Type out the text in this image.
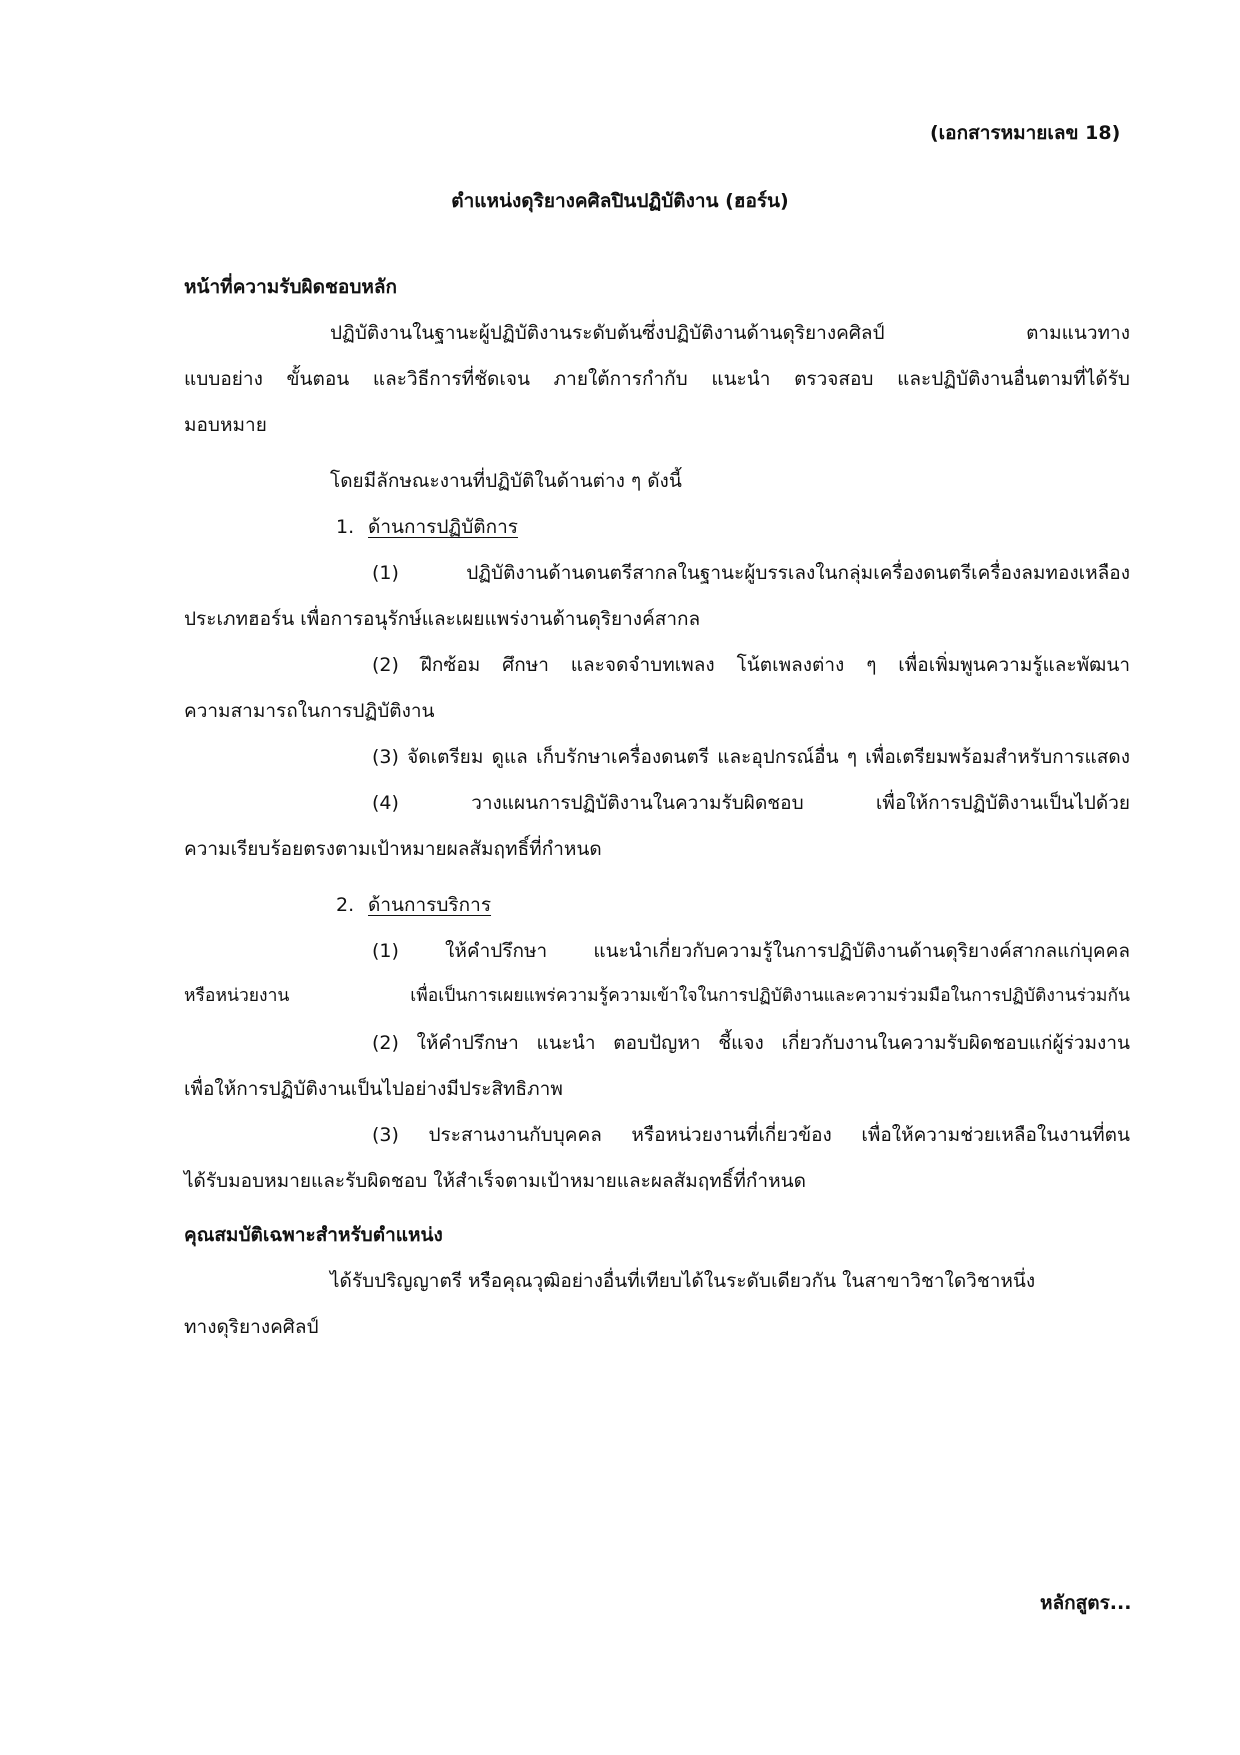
(เอกสารหมายเลข 18)
ตำแหน่งดุริยางคศิลปินปฏิบัติงาน (ฮอร์น)
หน้าที่ความรับผิดชอบหลัก
ปฏิบัติงานในฐานะผู้ปฏิบัติงานระดับต้นซึ่งปฏิบัติงานด้านดุริยางคศิลป์ ตามแนวทาง
แบบอย่าง ขั้นตอน และวิธีการที่ชัดเจน ภายใต้การกำกับ แนะนำ ตรวจสอบ และปฏิบัติงานอื่นตามที่ได้รับ
มอบหมาย
โดยมีลักษณะงานที่ปฏิบัติในด้านต่าง ๆ ดังนี้
1. ด้านการปฏิบัติการ
(1) ปฏิบัติงานด้านดนตรีสากลในฐานะผู้บรรเลงในกลุ่มเครื่องดนตรีเครื่องลมทองเหลือง
ประเภทฮอร์น เพื่อการอนุรักษ์และเผยแพร่งานด้านดุริยางค์สากล
(2) ฝึกซ้อม ศึกษา และจดจำบทเพลง โน้ตเพลงต่าง ๆ เพื่อเพิ่มพูนความรู้และพัฒนา
ความสามารถในการปฏิบัติงาน
(3) จัดเตรียม ดูแล เก็บรักษาเครื่องดนตรี และอุปกรณ์อื่น ๆ เพื่อเตรียมพร้อมสำหรับการแสดง
(4) วางแผนการปฏิบัติงานในความรับผิดชอบ เพื่อให้การปฏิบัติงานเป็นไปด้วย
ความเรียบร้อยตรงตามเป้าหมายผลสัมฤทธิ์ที่กำหนด
2. ด้านการบริการ
(1) ให้คำปรึกษา แนะนำเกี่ยวกับความรู้ในการปฏิบัติงานด้านดุริยางค์สากลแก่บุคคล
หรือหน่วยงาน เพื่อเป็นการเผยแพร่ความรู้ความเข้าใจในการปฏิบัติงานและความร่วมมือในการปฏิบัติงานร่วมกัน
(2) ให้คำปรึกษา แนะนำ ตอบปัญหา ชี้แจง เกี่ยวกับงานในความรับผิดชอบแก่ผู้ร่วมงาน
เพื่อให้การปฏิบัติงานเป็นไปอย่างมีประสิทธิภาพ
(3) ประสานงานกับบุคคล หรือหน่วยงานที่เกี่ยวข้อง เพื่อให้ความช่วยเหลือในงานที่ตน
ได้รับมอบหมายและรับผิดชอบ ให้สำเร็จตามเป้าหมายและผลสัมฤทธิ์ที่กำหนด
คุณสมบัติเฉพาะสำหรับตำแหน่ง
ได้รับปริญญาตรี หรือคุณวุฒิอย่างอื่นที่เทียบได้ในระดับเดียวกัน ในสาขาวิชาใดวิชาหนึ่ง
ทางดุริยางคศิลป์
หลักสูตร...
